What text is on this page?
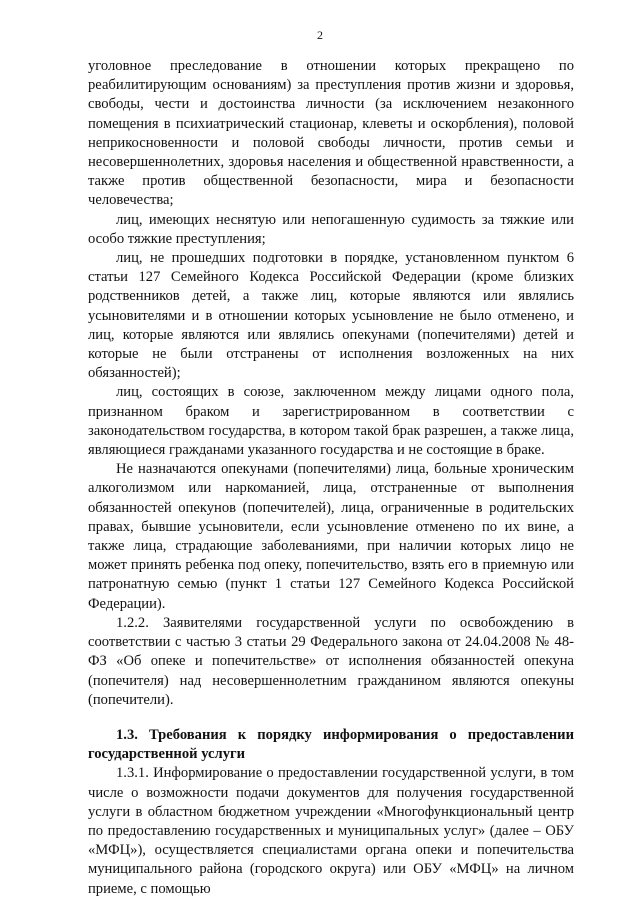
2

уголовное преследование в отношении которых прекращено по реабилитирующим основаниям) за преступления против жизни и здоровья, свободы, чести и достоинства личности (за исключением незаконного помещения в психиатрический стационар, клеветы и оскорбления), половой неприкосновенности и половой свободы личности, против семьи и несовершеннолетних, здоровья населения и общественной нравственности, а также против общественной безопасности, мира и безопасности человечества;

лиц, имеющих неснятую или непогашенную судимость за тяжкие или особо тяжкие преступления;

лиц, не прошедших подготовки в порядке, установленном пунктом 6 статьи 127 Семейного Кодекса Российской Федерации (кроме близких родственников детей, а также лиц, которые являются или являлись усыновителями и в отношении которых усыновление не было отменено, и лиц, которые являются или являлись опекунами (попечителями) детей и которые не были отстранены от исполнения возложенных на них обязанностей);

лиц, состоящих в союзе, заключенном между лицами одного пола, признанном браком и зарегистрированном в соответствии с законодательством государства, в котором такой брак разрешен, а также лица, являющиеся гражданами указанного государства и не состоящие в браке.

Не назначаются опекунами (попечителями) лица, больные хроническим алкоголизмом или наркоманией, лица, отстраненные от выполнения обязанностей опекунов (попечителей), лица, ограниченные в родительских правах, бывшие усыновители, если усыновление отменено по их вине, а также лица, страдающие заболеваниями, при наличии которых лицо не может принять ребенка под опеку, попечительство, взять его в приемную или патронатную семью (пункт 1 статьи 127 Семейного Кодекса Российской Федерации).

1.2.2. Заявителями государственной услуги по освобождению в соответствии с частью 3 статьи 29 Федерального закона от 24.04.2008 № 48-ФЗ «Об опеке и попечительстве» от исполнения обязанностей опекуна (попечителя) над несовершеннолетним гражданином являются опекуны (попечители).

1.3. Требования к порядку информирования о предоставлении государственной услуги

1.3.1. Информирование о предоставлении государственной услуги, в том числе о возможности подачи документов для получения государственной услуги в областном бюджетном учреждении «Многофункциональный центр по предоставлению государственных и муниципальных услуг» (далее – ОБУ «МФЦ»), осуществляется специалистами органа опеки и попечительства муниципального района (городского округа) или ОБУ «МФЦ» на личном приеме, с помощью
